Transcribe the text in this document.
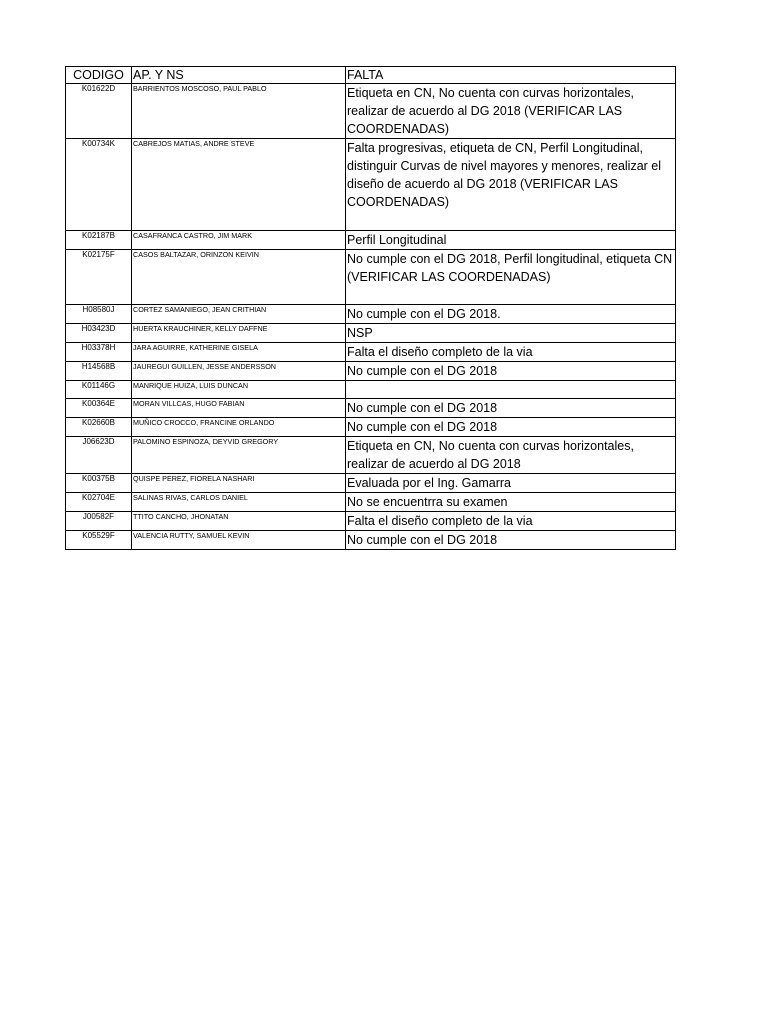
CODIGO	AP. Y NS	FALTA
K01622D	BARRIENTOS MOSCOSO, PAUL PABLO	Etiqueta en CN, No cuenta con curvas horizontales, realizar de acuerdo al DG 2018 (VERIFICAR LAS COORDENADAS)
K00734K	CABREJOS MATIAS, ANDRE STEVE	Falta progresivas, etiqueta de CN, Perfil Longitudinal, distinguir Curvas de nivel mayores y menores, realizar el diseño de acuerdo al DG 2018 (VERIFICAR LAS COORDENADAS)
K02187B	CASAFRANCA CASTRO, JIM MARK	Perfil Longitudinal
K02175F	CASOS BALTAZAR, ORINZON KEIVIN	No cumple con el DG 2018, Perfil longitudinal, etiqueta CN (VERIFICAR LAS COORDENADAS)
H08580J	CORTEZ SAMANIEGO, JEAN CRITHIAN	No cumple con el DG 2018.
H03423D	HUERTA KRAUCHINER, KELLY DAFFNE	NSP
H03378H	JARA AGUIRRE, KATHERINE GISELA	Falta el diseño completo de la via
H14568B	JAUREGUI GUILLEN, JESSE ANDERSSON	No cumple con el DG 2018
K01146G	MANRIQUE HUIZA, LUIS DUNCAN	
K00364E	MORAN VILLCAS, HUGO FABIAN	No cumple con el DG 2018
K02660B	MUÑICO CROCCO, FRANCINE ORLANDO	No cumple con el DG 2018
J06623D	PALOMINO ESPINOZA, DEYVID GREGORY	Etiqueta en CN, No cuenta con curvas horizontales, realizar de acuerdo al DG 2018
K00375B	QUISPE PEREZ, FIORELA NASHARI	Evaluada por el Ing. Gamarra
K02704E	SALINAS RIVAS, CARLOS DANIEL	No se encuentrra su examen
J00582F	TTITO CANCHO, JHONATAN	Falta el diseño completo de la via
K05529F	VALENCIA RUTTY, SAMUEL KEVIN	No cumple con el DG 2018
